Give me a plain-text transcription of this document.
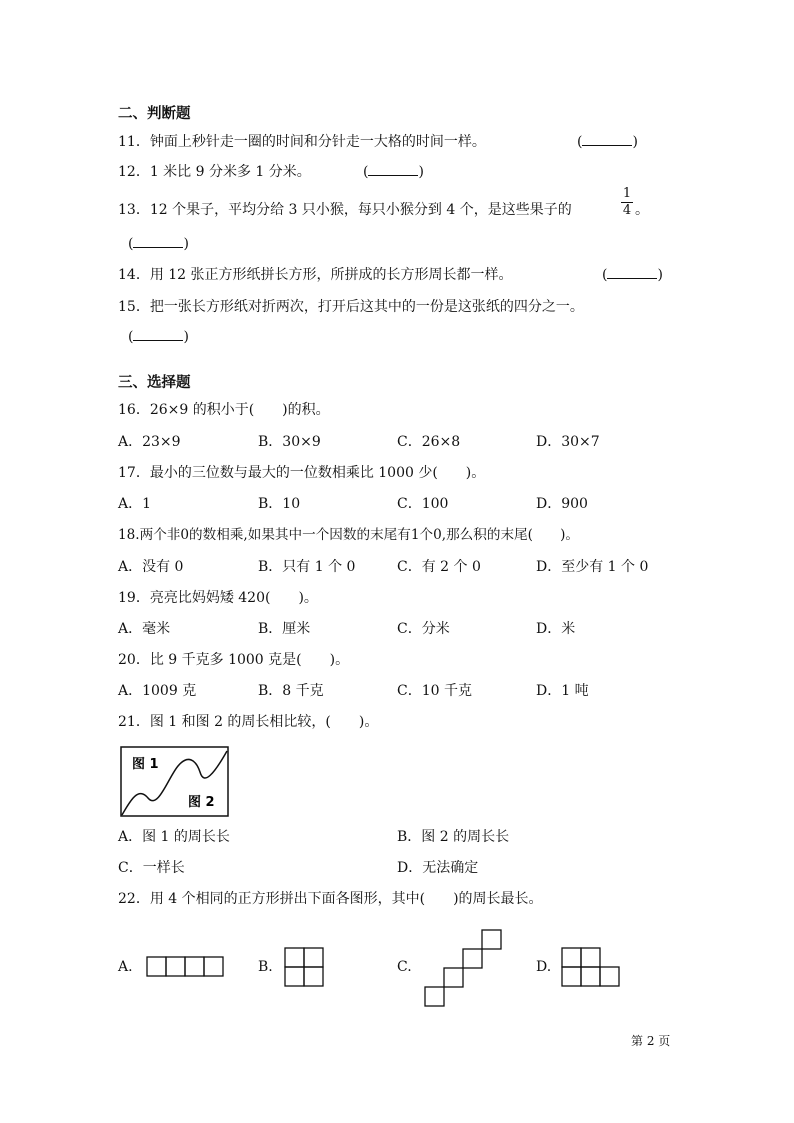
二、判断题
11．钟面上秒针走一圈的时间和分针走一大格的时间一样。	(	)
12．1 米比 9 分米多 1 分米。	(	)
13．12 个果子，平均分给 3 只小猴，每只小猴分到 4 个，是这些果子的
1
4 。
(	)
14．用 12 张正方形纸拼长方形，所拼成的长方形周长都一样。	(	)
15．把一张长方形纸对折两次，打开后这其中的一份是这张纸的四分之一。
(	)
三、选择题
16．26×9 的积小于(　　)的积。
A．23×9	B．30×9	C．26×8	D．30×7
17．最小的三位数与最大的一位数相乘比 1000 少(　　)。
A．1	B．10	C．100	D．900
18.两个非0的数相乘,如果其中一个因数的末尾有1个0,那么积的末尾(　　)。
A．没有 0	B．只有 1 个 0	C．有 2 个 0	D．至少有 1 个 0
19．亮亮比妈妈矮 420(　　)。
A．毫米	B．厘米	C．分米	D．米
20．比 9 千克多 1000 克是(　　)。
A．1009 克	B．8 千克	C．10 千克	D．1 吨
21．图 1 和图 2 的周长相比较，(　　)。
图 1
图 2
A．图 1 的周长长	B．图 2 的周长长
C．一样长	D．无法确定
22．用 4 个相同的正方形拼出下面各图形，其中(　　)的周长最长。
A.	B.	C.	D.
第 2 页
